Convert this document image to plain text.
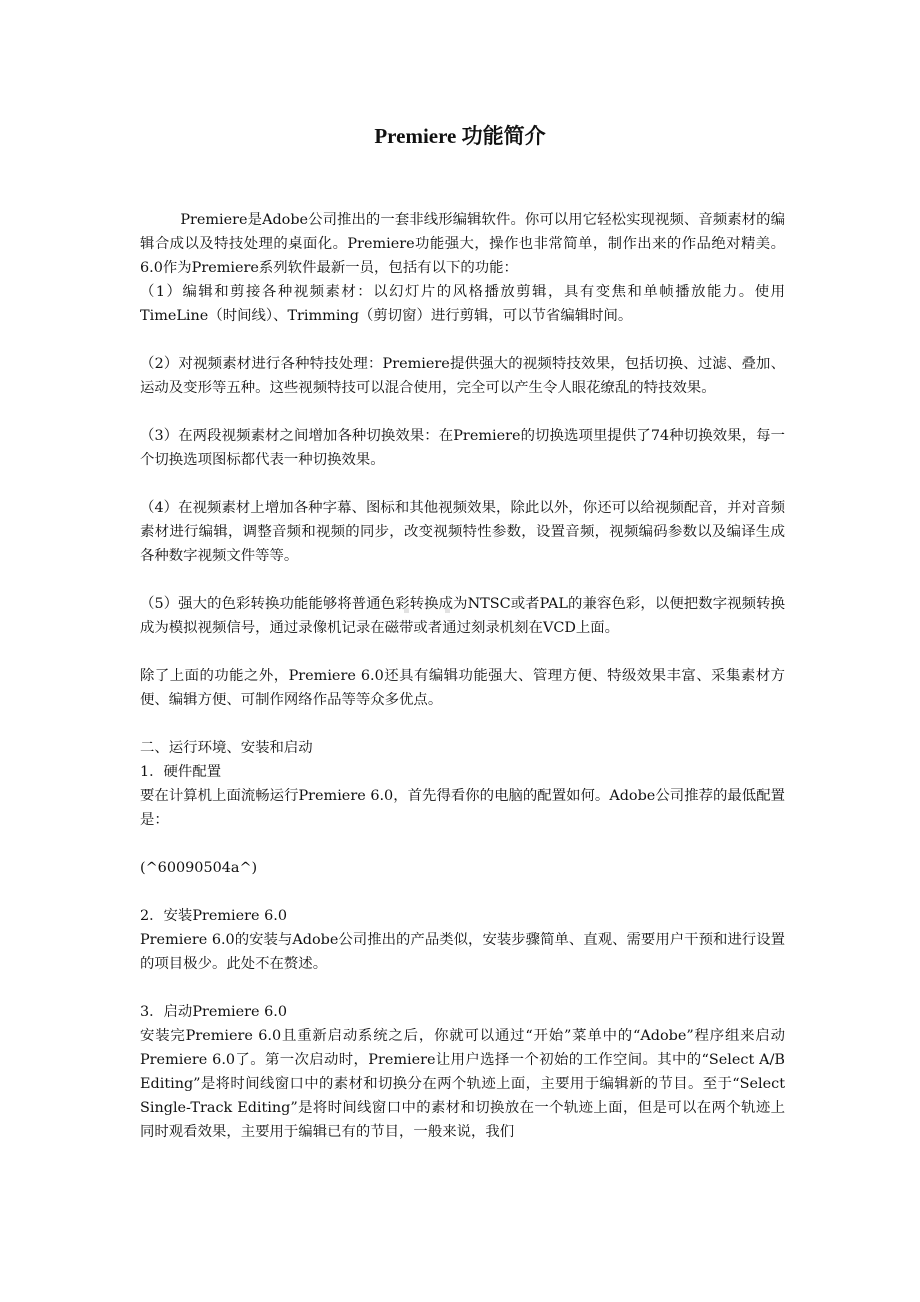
Premiere 功能简介

Premiere是Adobe公司推出的一套非线形编辑软件。你可以用它轻松实现视频、音频素材的编辑合成以及特技处理的桌面化。Premiere功能强大，操作也非常简单，制作出来的作品绝对精美。6.0作为Premiere系列软件最新一员，包括有以下的功能：

（1）编辑和剪接各种视频素材：以幻灯片的风格播放剪辑，具有变焦和单帧播放能力。使用TimeLine（时间线）、Trimming（剪切窗）进行剪辑，可以节省编辑时间。

（2）对视频素材进行各种特技处理：Premiere提供强大的视频特技效果，包括切换、过滤、叠加、运动及变形等五种。这些视频特技可以混合使用，完全可以产生令人眼花缭乱的特技效果。

（3）在两段视频素材之间增加各种切换效果：在Premiere的切换选项里提供了74种切换效果，每一个切换选项图标都代表一种切换效果。

（4）在视频素材上增加各种字幕、图标和其他视频效果，除此以外，你还可以给视频配音，并对音频素材进行编辑，调整音频和视频的同步，改变视频特性参数，设置音频，视频编码参数以及编译生成各种数字视频文件等等。

（5）强大的色彩转换功能能够将普通色彩转换成为NTSC或者PAL的兼容色彩，以便把数字视频转换成为模拟视频信号，通过录像机记录在磁带或者通过刻录机刻在VCD上面。

除了上面的功能之外，Premiere 6.0还具有编辑功能强大、管理方便、特级效果丰富、采集素材方便、编辑方便、可制作网络作品等等众多优点。

二、运行环境、安装和启动

1．硬件配置

要在计算机上面流畅运行Premiere 6.0，首先得看你的电脑的配置如何。Adobe公司推荐的最低配置是：

(^60090504a^)

2．安装Premiere 6.0

Premiere 6.0的安装与Adobe公司推出的产品类似，安装步骤简单、直观、需要用户干预和进行设置的项目极少。此处不在赘述。

3．启动Premiere 6.0

安装完Premiere 6.0且重新启动系统之后，你就可以通过“开始”菜单中的“Adobe”程序组来启动Premiere 6.0了。第一次启动时，Premiere让用户选择一个初始的工作空间。其中的“Select A/B Editing”是将时间线窗口中的素材和切换分在两个轨迹上面，主要用于编辑新的节目。至于“Select Single-Track Editing”是将时间线窗口中的素材和切换放在一个轨迹上面，但是可以在两个轨迹上同时观看效果，主要用于编辑已有的节目，一般来说，我们
